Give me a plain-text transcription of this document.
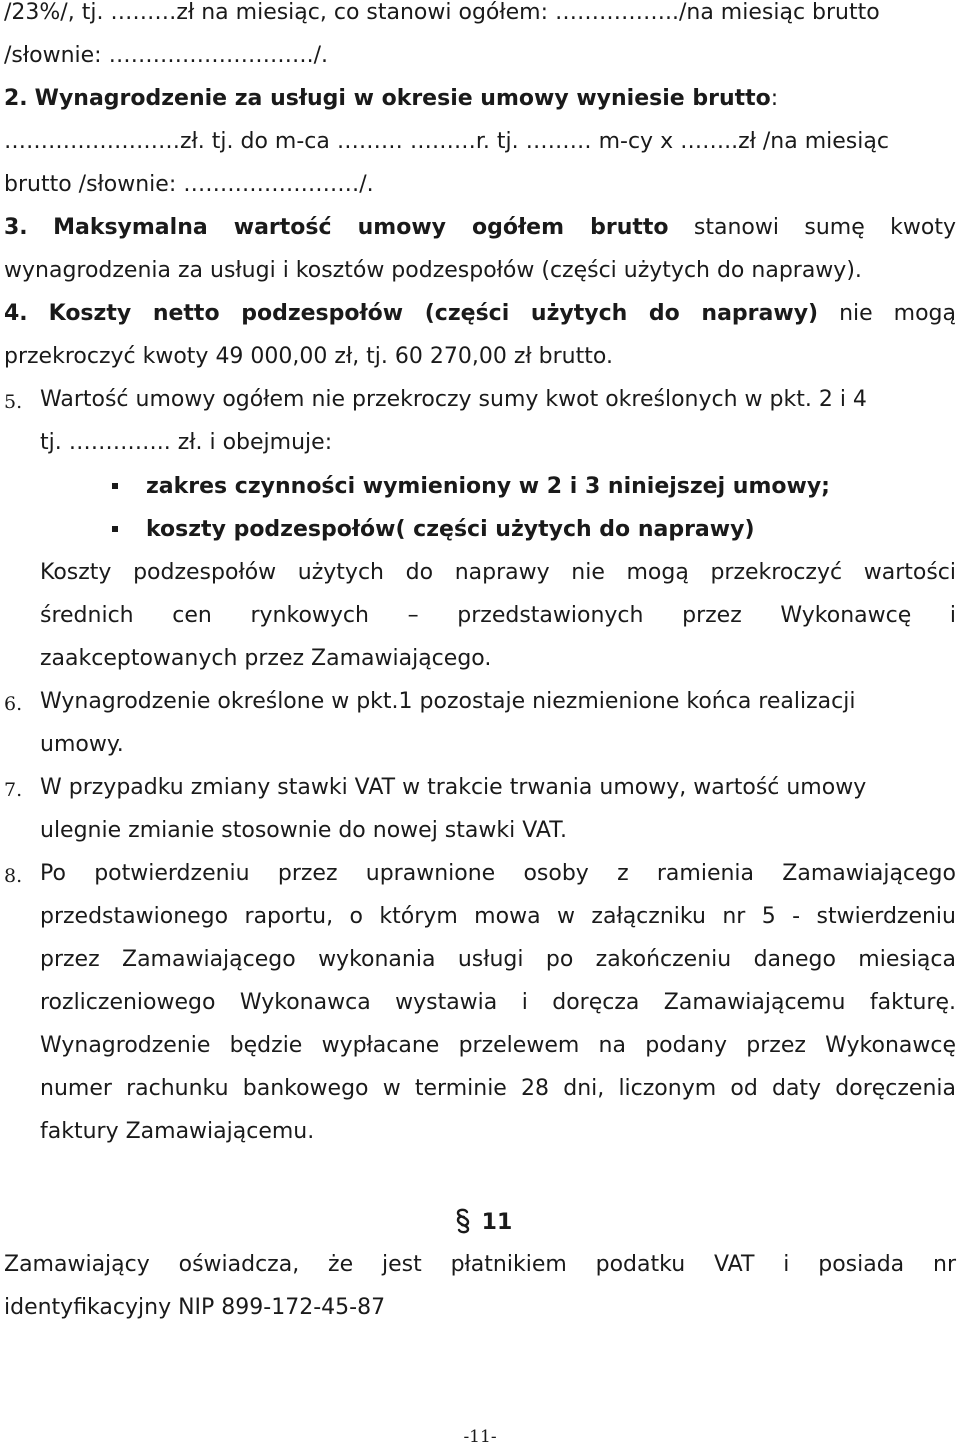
/23%/, tj. ………zł na miesiąc, co stanowi ogółem: ……………../na miesiąc brutto
/słownie: ………………………./.
2. Wynagrodzenie za usługi w okresie umowy wyniesie brutto:
……………………zł. tj. do m-ca ……… ………r. tj. ……… m-cy x ……..zł /na miesiąc
brutto /słownie: ……………………/.
3. Maksymalna wartość umowy ogółem brutto stanowi sumę kwoty
wynagrodzenia za usługi i kosztów podzespołów (części użytych do naprawy).
4. Koszty netto podzespołów (części użytych do naprawy) nie mogą
przekroczyć kwoty 49 000,00 zł, tj. 60 270,00 zł brutto.
5. Wartość umowy ogółem nie przekroczy sumy kwot określonych w pkt. 2 i 4
tj. ………….. zł. i obejmuje:
zakres czynności wymieniony w 2 i 3 niniejszej umowy;
koszty podzespołów( części użytych do naprawy)
Koszty podzespołów użytych do naprawy nie mogą przekroczyć wartości
średnich cen rynkowych – przedstawionych przez Wykonawcę i
zaakceptowanych przez Zamawiającego.
6. Wynagrodzenie określone w pkt.1 pozostaje niezmienione końca realizacji
umowy.
7. W przypadku zmiany stawki VAT w trakcie trwania umowy, wartość umowy
ulegnie zmianie stosownie do nowej stawki VAT.
8. Po potwierdzeniu przez uprawnione osoby z ramienia Zamawiającego
przedstawionego raportu, o którym mowa w załączniku nr 5 - stwierdzeniu
przez Zamawiającego wykonania usługi po zakończeniu danego miesiąca
rozliczeniowego Wykonawca wystawia i doręcza Zamawiającemu fakturę.
Wynagrodzenie będzie wypłacane przelewem na podany przez Wykonawcę
numer rachunku bankowego w terminie 28 dni, liczonym od daty doręczenia
faktury Zamawiającemu.
11
Zamawiający oświadcza, że jest płatnikiem podatku VAT i posiada nr
identyfikacyjny NIP 899-172-45-87
-11-
